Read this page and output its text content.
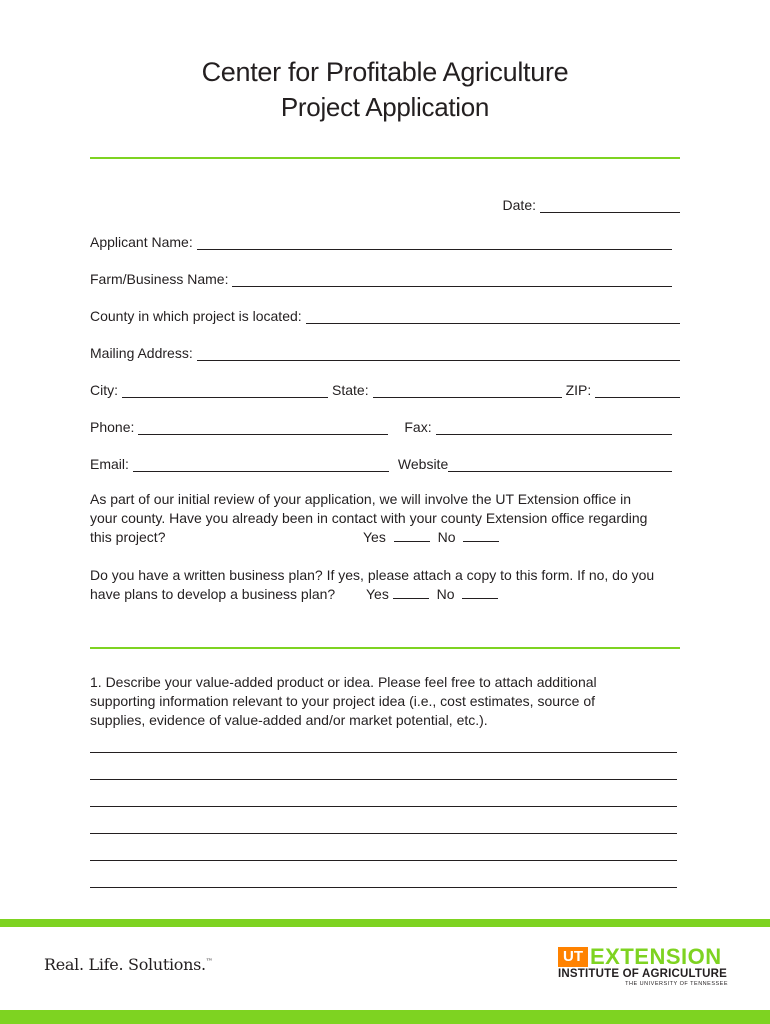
Center for Profitable Agriculture
Project Application
Date:
Applicant Name:
Farm/Business Name:
County in which project is located:
Mailing Address:
City:	State:	ZIP:
Phone:	Fax:
Email:	Website
As part of our initial review of your application, we will involve the UT Extension office in
your county. Have you already been in contact with your county Extension office regarding
this project?	Yes	No
Do you have a written business plan? If yes, please attach a copy to this form. If no, do you
have plans to develop a business plan? Yes	No
1. Describe your value-added product or idea. Please feel free to attach additional
supporting information relevant to your project idea (i.e., cost estimates, source of
supplies, evidence of value-added and/or market potential, etc.).
Real. Life. Solutions.™	UT EXTENSION
INSTITUTE OF AGRICULTURE
THE UNIVERSITY OF TENNESSEE
